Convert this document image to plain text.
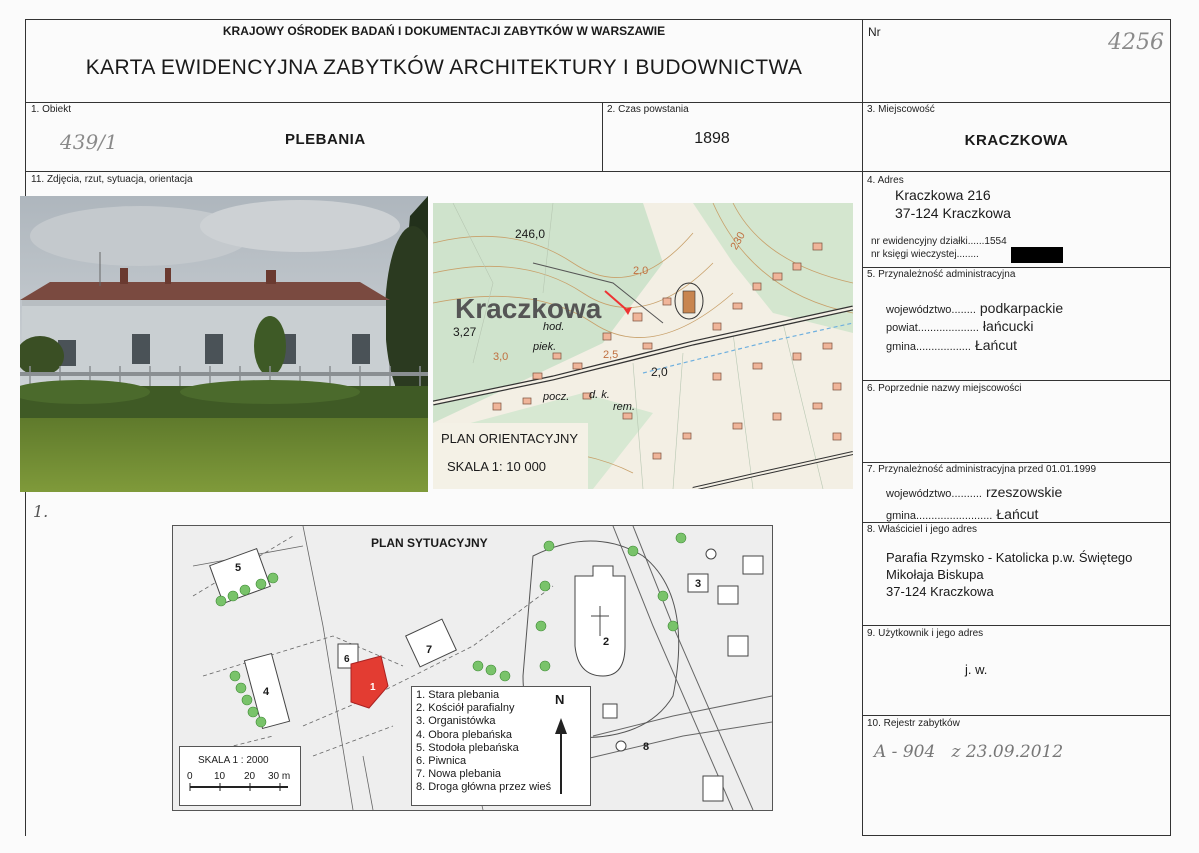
KRAJOWY OŚRODEK BADAŃ I DOKUMENTACJI ZABYTKÓW W WARSZAWIE
KARTA EWIDENCYJNA ZABYTKÓW ARCHITEKTURY I BUDOWNICTWA
Nr	4256
1. Obiekt
439/1	PLEBANIA
2. Czas powstania
1898
3. Miejscowość
KRACZKOWA
11. Zdjęcia, rzut, sytuacja, orientacja
1.
246,0
Kraczkowa
3,27	hod.
piek.
3,0
2,0
2,5
2,0
230
pocz. d. k.
rem.
PLAN ORIENTACYJNY
SKALA 1: 10 000
PLAN SYTUACYJNY
5
4
6
1
7
2
3
8
1. Stara plebania
2. Kościół parafialny
3. Organistówka
4. Obora plebańska
5. Stodoła plebańska
6. Piwnica
7. Nowa plebania
8. Droga główna przez wieś
N
SKALA 1 : 2000
0 10 20 30 m
4. Adres
Kraczkowa 216
37-124 Kraczkowa
nr ewidencyjny działki......1554
nr księgi wieczystej........
5. Przynależność administracyjna
województwo........ podkarpackie
powiat.................... łańcucki
gmina.................. Łańcut
6. Poprzednie nazwy miejscowości
7. Przynależność administracyjna przed 01.01.1999
województwo.......... rzeszowskie
gmina......................... Łańcut
8. Właściciel i jego adres
Parafia Rzymsko - Katolicka p.w. Świętego
Mikołaja Biskupa
37-124 Kraczkowa
9. Użytkownik i jego adres
j. w.
10. Rejestr zabytków
A - 904   z 23.09.2012
